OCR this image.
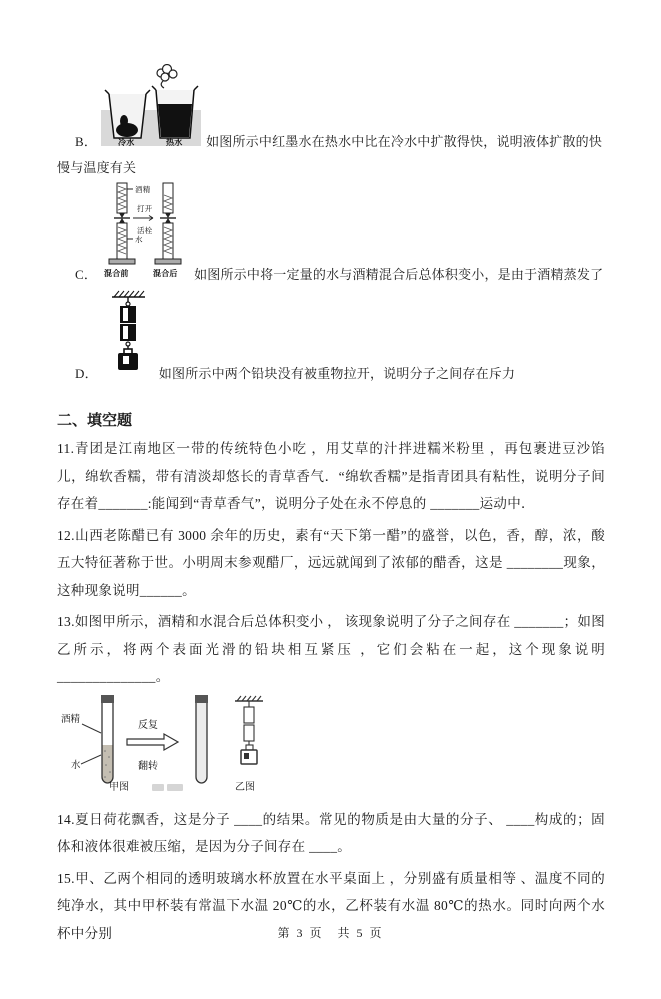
B．	冷水	热水 如图所示中红墨水在热水中比在冷水中扩散得快，说明液体扩散的快慢与温度有关
C．
酒精
打开
活栓
水
混合前	混合后 如图所示中将一定量的水与酒精混合后总体积变小，是由于酒精蒸发了
D．	如图所示中两个铅块没有被重物拉开，说明分子之间存在斥力
二、填空题

11.青团是江南地区一带的传统特色小吃 ，用艾草的汁拌进糯米粉里 ，再包裹进豆沙馅儿，绵软香糯，带有清淡却悠长的青草香气．“绵软香糯”是指青团具有粘性，说明分子间存在着_______:能闻到“青草香气”，说明分子处在永不停息的 _______运动中．

12.山西老陈醋已有 3000 余年的历史，素有“天下第一醋”的盛誉，以色，香，醇，浓，酸五大特征著称于世。小明周末参观醋厂，远远就闻到了浓郁的醋香，这是 ________现象，这种现象说明______。

13.如图甲所示，酒精和水混合后总体积变小 ， 该现象说明了分子之间存在 _______；如图乙所示，将两个表面光滑的铅块相互紧压 ，它们会粘在一起，这个现象说明______________。

酒精
水
反复
翻转
甲图	乙图

14.夏日荷花飘香，这是分子 ____的结果。常见的物质是由大量的分子、 ____构成的；固体和液体很难被压缩，是因为分子间存在 ____。

15.甲、乙两个相同的透明玻璃水杯放置在水平桌面上 ，分别盛有质量相等 、温度不同的纯净水，其中甲杯装有常温下水温 20℃的水，乙杯装有水温 80℃的热水。同时向两个水杯中分别	第 3 页　共 5 页
